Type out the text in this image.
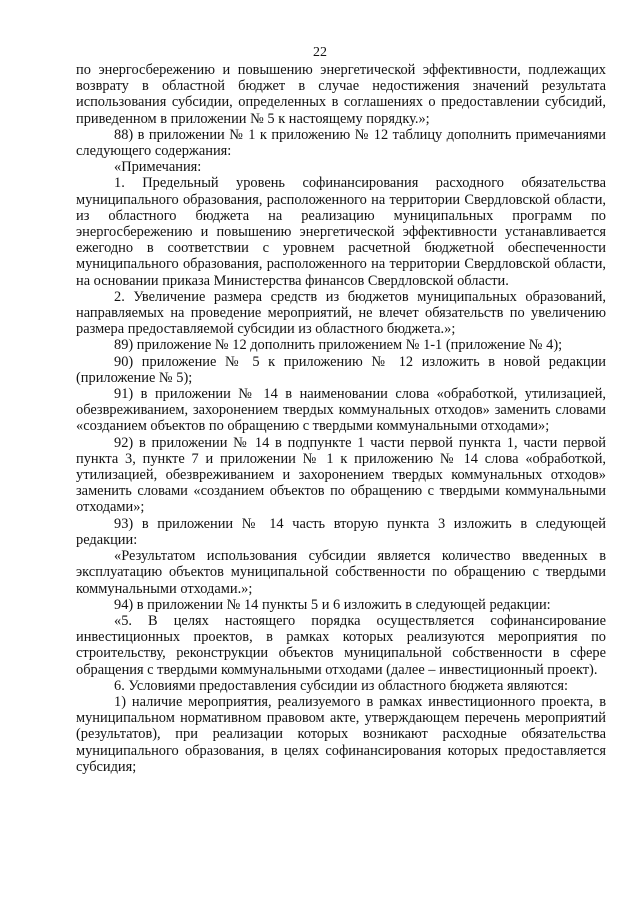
22

по энергосбережению и повышению энергетической эффективности, подлежащих возврату в областной бюджет в случае недостижения значений результата использования субсидии, определенных в соглашениях о предоставлении субсидий, приведенном в приложении № 5 к настоящему порядку.»;

88) в приложении № 1 к приложению № 12 таблицу дополнить примечаниями следующего содержания:

«Примечания:

1. Предельный уровень софинансирования расходного обязательства муниципального образования, расположенного на территории Свердловской области, из областного бюджета на реализацию муниципальных программ по энергосбережению и повышению энергетической эффективности устанавливается ежегодно в соответствии с уровнем расчетной бюджетной обеспеченности муниципального образования, расположенного на территории Свердловской области, на основании приказа Министерства финансов Свердловской области.

2. Увеличение размера средств из бюджетов муниципальных образований, направляемых на проведение мероприятий, не влечет обязательств по увеличению размера предоставляемой субсидии из областного бюджета.»;

89) приложение № 12 дополнить приложением № 1-1 (приложение № 4);

90) приложение № 5 к приложению № 12 изложить в новой редакции (приложение № 5);

91) в приложении № 14 в наименовании слова «обработкой, утилизацией, обезвреживанием, захоронением твердых коммунальных отходов» заменить словами «созданием объектов по обращению с твердыми коммунальными отходами»;

92) в приложении № 14 в подпункте 1 части первой пункта 1, части первой пункта 3, пункте 7 и приложении № 1 к приложению № 14 слова «обработкой, утилизацией, обезвреживанием и захоронением твердых коммунальных отходов» заменить словами «созданием объектов по обращению с твердыми коммунальными отходами»;

93) в приложении № 14 часть вторую пункта 3 изложить в следующей редакции:

«Результатом использования субсидии является количество введенных в эксплуатацию объектов муниципальной собственности по обращению с твердыми коммунальными отходами.»;

94) в приложении № 14 пункты 5 и 6 изложить в следующей редакции:

«5. В целях настоящего порядка осуществляется софинансирование инвестиционных проектов, в рамках которых реализуются мероприятия по строительству, реконструкции объектов муниципальной собственности в сфере обращения с твердыми коммунальными отходами (далее – инвестиционный проект).

6. Условиями предоставления субсидии из областного бюджета являются:

1) наличие мероприятия, реализуемого в рамках инвестиционного проекта, в муниципальном нормативном правовом акте, утверждающем перечень мероприятий (результатов), при реализации которых возникают расходные обязательства муниципального образования, в целях софинансирования которых предоставляется субсидия;
